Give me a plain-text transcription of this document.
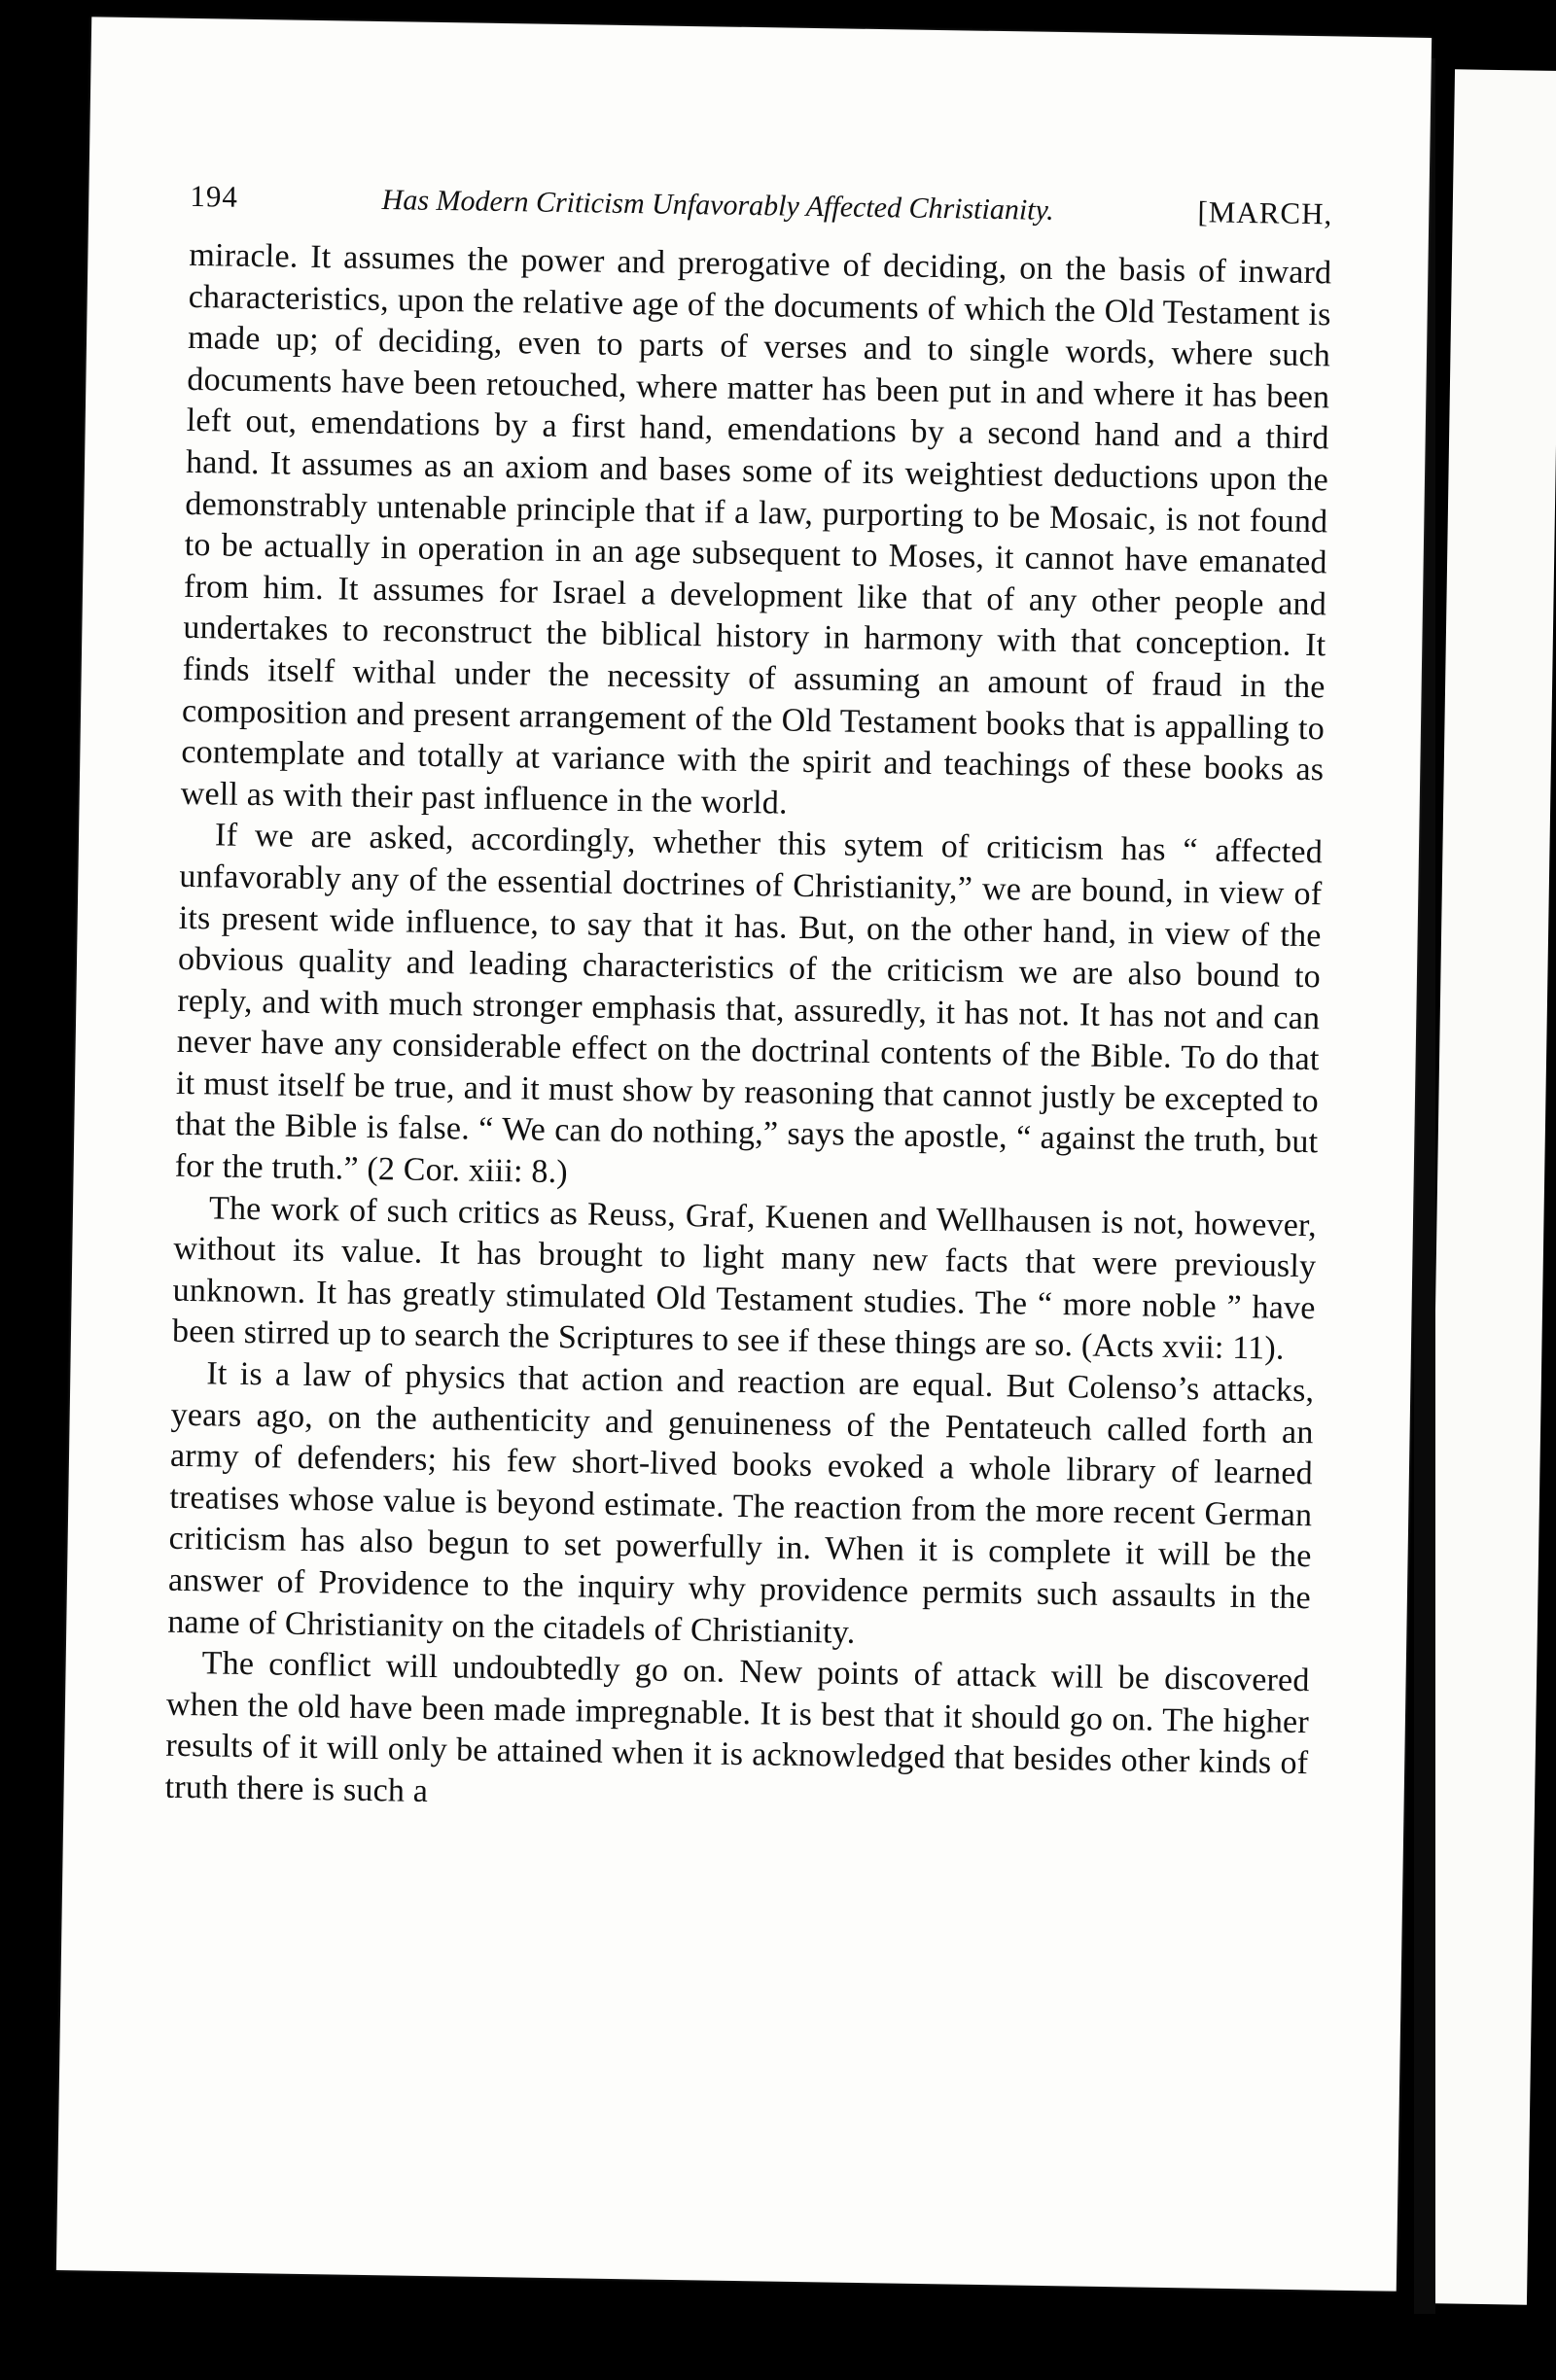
194	Has Modern Criticism Unfavorably Affected Christianity.	[MARCH,

miracle. It assumes the power and prerogative of deciding, on the basis of inward characteristics, upon the relative age of the documents of which the Old Testament is made up; of deciding, even to parts of verses and to single words, where such documents have been retouched, where matter has been put in and where it has been left out, emendations by a first hand, emendations by a second hand and a third hand. It assumes as an axiom and bases some of its weightiest deductions upon the demonstrably untenable principle that if a law, purporting to be Mosaic, is not found to be actually in operation in an age subsequent to Moses, it cannot have emanated from him. It assumes for Israel a development like that of any other people and undertakes to reconstruct the biblical history in harmony with that conception. It finds itself withal under the necessity of assuming an amount of fraud in the composition and present arrangement of the Old Testament books that is appalling to contemplate and totally at variance with the spirit and teachings of these books as well as with their past influence in the world.

If we are asked, accordingly, whether this sytem of criticism has “ affected unfavorably any of the essential doctrines of Christianity,” we are bound, in view of its present wide influence, to say that it has. But, on the other hand, in view of the obvious quality and leading characteristics of the criticism we are also bound to reply, and with much stronger emphasis that, assuredly, it has not. It has not and can never have any considerable effect on the doctrinal contents of the Bible. To do that it must itself be true, and it must show by reasoning that cannot justly be excepted to that the Bible is false. “ We can do nothing,” says the apostle, “ against the truth, but for the truth.” (2 Cor. xiii: 8.)

The work of such critics as Reuss, Graf, Kuenen and Wellhausen is not, however, without its value. It has brought to light many new facts that were previously unknown. It has greatly stimulated Old Testament studies. The “ more noble ” have been stirred up to search the Scriptures to see if these things are so. (Acts xvii: 11).

It is a law of physics that action and reaction are equal. But Colenso’s attacks, years ago, on the authenticity and genuineness of the Pentateuch called forth an army of defenders; his few short-lived books evoked a whole library of learned treatises whose value is beyond estimate. The reaction from the more recent German criticism has also begun to set powerfully in. When it is complete it will be the answer of Providence to the inquiry why providence permits such assaults in the name of Christianity on the citadels of Christianity.

The conflict will undoubtedly go on. New points of attack will be discovered when the old have been made impregnable. It is best that it should go on. The higher results of it will only be attained when it is acknowledged that besides other kinds of truth there is such a
